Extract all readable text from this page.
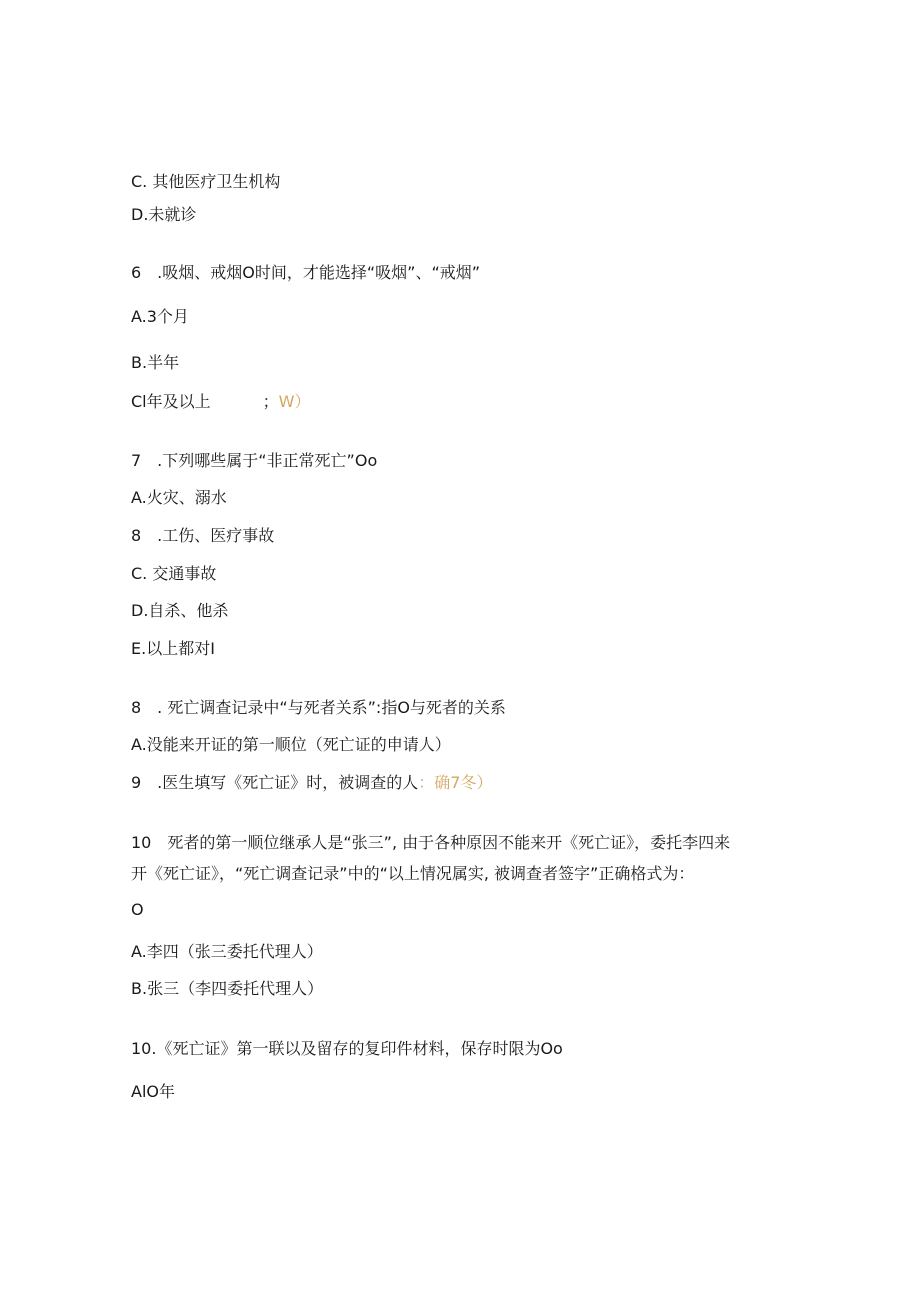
C. 其他医疗卫生机构
D.未就诊
6 .吸烟、戒烟O时间，才能选择“吸烟”、“戒烟”
A.3个月
B.半年
Cl年及以上	；W）
7 .下列哪些属于“非正常死亡”Oo
A.火灾、溺水
8 .工伤、医疗事故
C. 交通事故
D.自杀、他杀
E.以上都对I
8 . 死亡调查记录中“与死者关系”:指O与死者的关系
A.没能来开证的第一顺位（死亡证的申请人）
9 .医生填写《死亡证》时，被调查的人：确7冬）
10 死者的第一顺位继承人是“张三”, 由于各种原因不能来开《死亡证》，委托李四来
开《死亡证》，“死亡调查记录”中的“以上情况属实, 被调查者签字”正确格式为：
O
A.李四（张三委托代理人）
B.张三（李四委托代理人）
10.《死亡证》第一联以及留存的复印件材料，保存时限为Oo
AlO年
